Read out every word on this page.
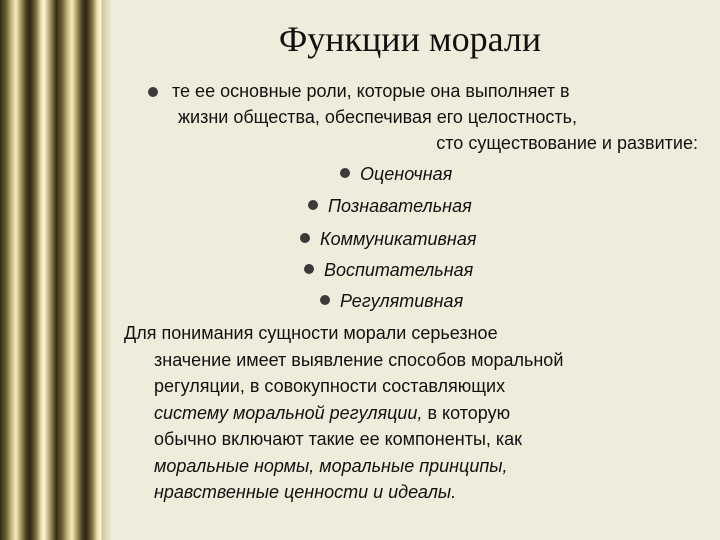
Функции морали
те ее основные роли, которые она выполняет в
жизни общества, обеспечивая его целостность,
сто существование и развитие:
Оценочная
Познавательная
Коммуникативная
Воспитательная
Регулятивная
Для понимания сущности морали серьезное
значение имеет выявление способов моральной
регуляции, в совокупности составляющих
систему моральной регуляции, в которую
обычно включают такие ее компоненты, как
моральные нормы, моральные принципы,
нравственные ценности и идеалы.
